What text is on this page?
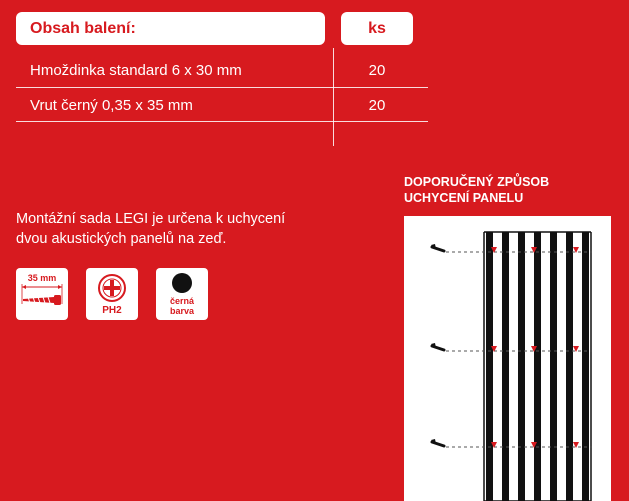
Obsah balení:	ks
Hmoždinka standard 6 x 30 mm	20
Vrut černý 0,35 x 35 mm	20
Montážní sada LEGI je určena k uchycení
dvou akustických panelů na zeď.
35 mm
PH2
černá
barva
DOPORUČENÝ ZPŮSOB
UCHYCENÍ PANELU
